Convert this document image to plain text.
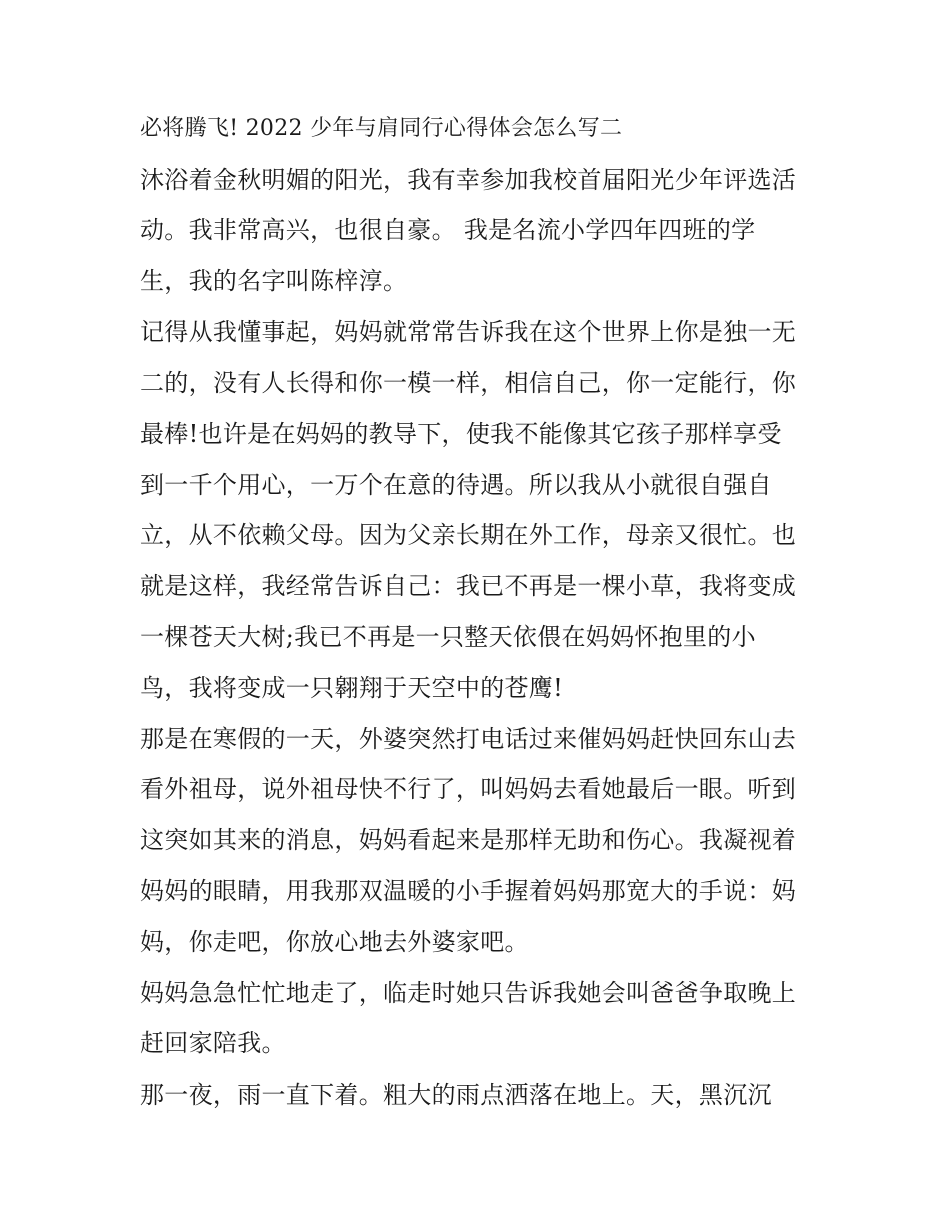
必将腾飞! 2022 少年与肩同行心得体会怎么写二
沐浴着金秋明媚的阳光，我有幸参加我校首届阳光少年评选活
动。我非常高兴，也很自豪。 我是名流小学四年四班的学
生，我的名字叫陈梓淳。
记得从我懂事起，妈妈就常常告诉我在这个世界上你是独一无
二的，没有人长得和你一模一样，相信自己，你一定能行，你
最棒!也许是在妈妈的教导下，使我不能像其它孩子那样享受
到一千个用心，一万个在意的待遇。所以我从小就很自强自
立，从不依赖父母。因为父亲长期在外工作，母亲又很忙。也
就是这样，我经常告诉自己：我已不再是一棵小草，我将变成
一棵苍天大树;我已不再是一只整天依偎在妈妈怀抱里的小
鸟，我将变成一只翱翔于天空中的苍鹰!
那是在寒假的一天，外婆突然打电话过来催妈妈赶快回东山去
看外祖母，说外祖母快不行了，叫妈妈去看她最后一眼。听到
这突如其来的消息，妈妈看起来是那样无助和伤心。我凝视着
妈妈的眼睛，用我那双温暖的小手握着妈妈那宽大的手说：妈
妈，你走吧，你放心地去外婆家吧。
妈妈急急忙忙地走了，临走时她只告诉我她会叫爸爸争取晚上
赶回家陪我。
那一夜，雨一直下着。粗大的雨点洒落在地上。天，黑沉沉
